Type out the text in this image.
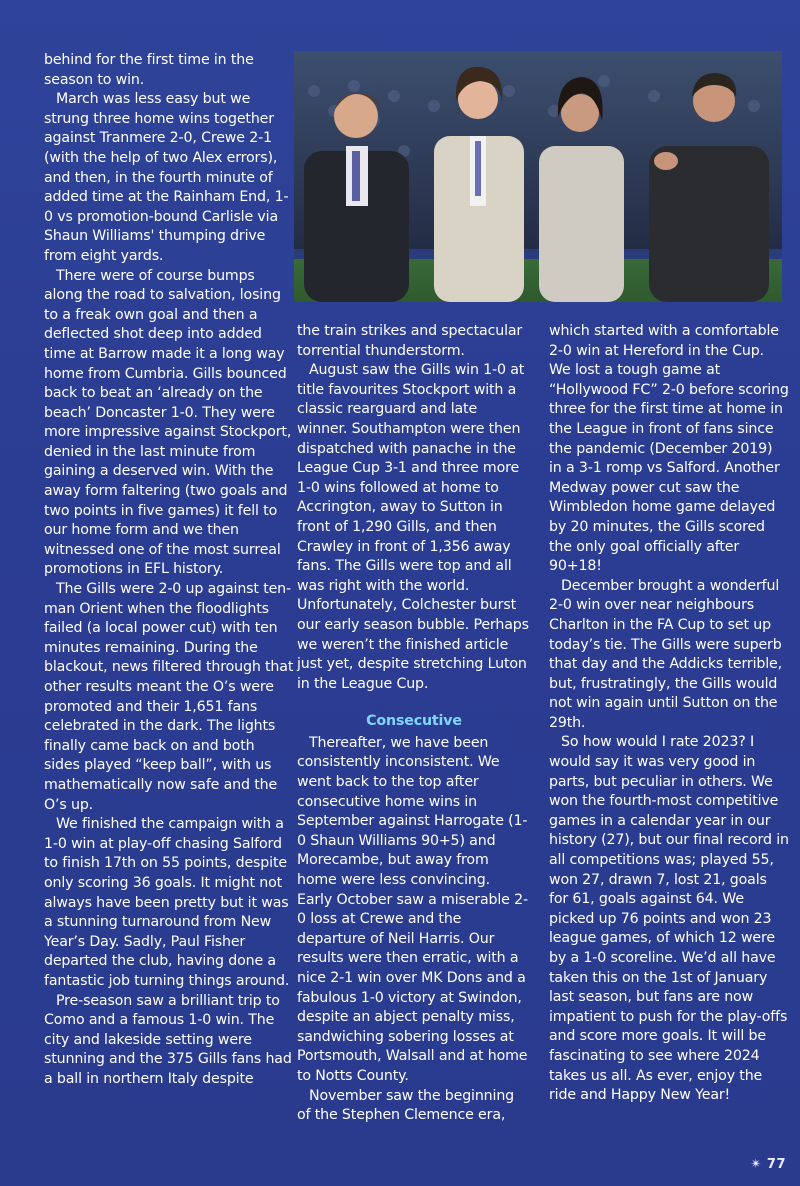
behind for the first time in the season to win.

March was less easy but we strung three home wins together against Tranmere 2-0, Crewe 2-1 (with the help of two Alex errors), and then, in the fourth minute of added time at the Rainham End, 1-0 vs promotion-bound Carlisle via Shaun Williams' thumping drive from eight yards.

There were of course bumps along the road to salvation, losing to a freak own goal and then a deflected shot deep into added time at Barrow made it a long way home from Cumbria. Gills bounced back to beat an ‘already on the beach’ Doncaster 1-0. They were more impressive against Stockport, denied in the last minute from gaining a deserved win. With the away form faltering (two goals and two points in five games) it fell to our home form and we then witnessed one of the most surreal promotions in EFL history.

The Gills were 2-0 up against ten-man Orient when the floodlights failed (a local power cut) with ten minutes remaining. During the blackout, news filtered through that other results meant the O’s were promoted and their 1,651 fans celebrated in the dark. The lights finally came back on and both sides played “keep ball”, with us mathematically now safe and the O’s up.

We finished the campaign with a 1-0 win at play-off chasing Salford to finish 17th on 55 points, despite only scoring 36 goals. It might not always have been pretty but it was a stunning turnaround from New Year’s Day. Sadly, Paul Fisher departed the club, having done a fantastic job turning things around.

Pre-season saw a brilliant trip to Como and a famous 1-0 win. The city and lakeside setting were stunning and the 375 Gills fans had a ball in northern Italy despite

the train strikes and spectacular torrential thunderstorm.

August saw the Gills win 1-0 at title favourites Stockport with a classic rearguard and late winner. Southampton were then dispatched with panache in the League Cup 3-1 and three more 1-0 wins followed at home to Accrington, away to Sutton in front of 1,290 Gills, and then Crawley in front of 1,356 away fans. The Gills were top and all was right with the world. Unfortunately, Colchester burst our early season bubble. Perhaps we weren’t the finished article just yet, despite stretching Luton in the League Cup.

Consecutive

Thereafter, we have been consistently inconsistent. We went back to the top after consecutive home wins in September against Harrogate (1-0 Shaun Williams 90+5) and Morecambe, but away from home were less convincing.

Early October saw a miserable 2-0 loss at Crewe and the departure of Neil Harris. Our results were then erratic, with a nice 2-1 win over MK Dons and a fabulous 1-0 victory at Swindon, despite an abject penalty miss, sandwiching sobering losses at Portsmouth, Walsall and at home to Notts County.

November saw the beginning of the Stephen Clemence era,

which started with a comfortable 2-0 win at Hereford in the Cup. We lost a tough game at “Hollywood FC” 2-0 before scoring three for the first time at home in the League in front of fans since the pandemic (December 2019) in a 3-1 romp vs Salford. Another Medway power cut saw the Wimbledon home game delayed by 20 minutes, the Gills scored the only goal officially after 90+18!

December brought a wonderful 2-0 win over near neighbours Charlton in the FA Cup to set up today’s tie. The Gills were superb that day and the Addicks terrible, but, frustratingly, the Gills would not win again until Sutton on the 29th.

So how would I rate 2023? I would say it was very good in parts, but peculiar in others. We won the fourth-most competitive games in a calendar year in our history (27), but our final record in all competitions was; played 55, won 27, drawn 7, lost 21, goals for 61, goals against 64. We picked up 76 points and won 23 league games, of which 12 were by a 1-0 scoreline. We’d all have taken this on the 1st of January last season, but fans are now impatient to push for the play-offs and score more goals. It will be fascinating to see where 2024 takes us all. As ever, enjoy the ride and Happy New Year!

✴ 77
